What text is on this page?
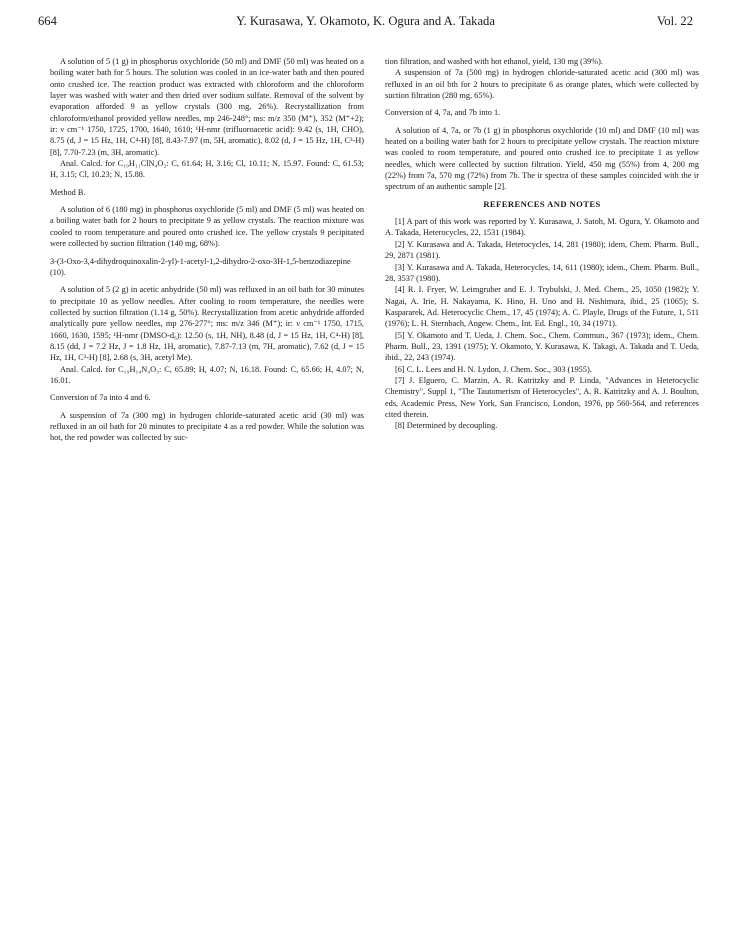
664	Y. Kurasawa, Y. Okamoto, K. Ogura and A. Takada	Vol. 22

A solution of 5 (1 g) in phosphorus oxychloride (50 ml) and DMF (50 ml) was heated on a boiling water bath for 5 hours. The solution was cooled in an ice-water bath and then poured onto crushed ice. The reaction product was extracted with chloroform and the chloroform layer was washed with water and then dried over sodium sulfate. Removal of the solvent by evaporation afforded 9 as yellow crystals (300 mg, 26%). Recrystallization from chloroform/ethanol provided yellow needles, mp 246-248°; ms: m/z 350 (M⁺), 352 (M⁺+2); ir: ν cm⁻¹ 1750, 1725, 1700, 1640, 1610; ¹H-nmr (trifluoroacetic acid): 9.42 (s, 1H, CHO), 8.75 (d, J = 15 Hz, 1H, C⁴-H) [8], 8.43-7.97 (m, 5H, aromatic), 8.02 (d, J = 15 Hz, 1H, C³-H) [8], 7.70-7.23 (m, 3H, aromatic).

Anal. Calcd. for C₁₉H₁₁ClN₄O₂: C, 61.64; H, 3.16; Cl, 10.11; N, 15.97. Found: C, 61.53; H, 3.15; Cl, 10.23; N, 15.88.

Method B.

A solution of 6 (180 mg) in phosphorus oxychloride (5 ml) and DMF (5 ml) was heated on a boiling water bath for 2 hours to precipitate 9 as yellow crystals. The reaction mixture was cooled to room temperature and poured onto crushed ice. The yellow crystals 9 pecipitated were collected by suction filtration (140 mg, 68%).

3-(3-Oxo-3,4-dihydroquinoxalin-2-yl)-1-acetyl-1,2-dihydro-2-oxo-3H-1,5-benzodiazepine (10).

A solution of 5 (2 g) in acetic anhydride (50 ml) was refluxed in an oil bath for 30 minutes to precipitate 10 as yellow needles. After cooling to room temperature, the needles were collected by suction filtration (1.14 g, 50%). Recrystallization from acetic anhydride afforded analytically pure yellow needles, mp 276-277°; ms: m/z 346 (M⁺); ir: ν cm⁻¹ 1750, 1715, 1660, 1630, 1595; ¹H-nmr (DMSO-d₆): 12.50 (s, 1H, NH), 8.48 (d, J = 15 Hz, 1H, C⁴-H) [8], 8.15 (dd, J = 7.2 Hz, J = 1.8 Hz, 1H, aromatic), 7.87-7.13 (m, 7H, aromatic), 7.62 (d, J = 15 Hz, 1H, C³-H) [8], 2.68 (s, 3H, acetyl Me).

Anal. Calcd. for C₁₉H₁₄N₄O₃: C, 65.89; H, 4.07; N, 16.18. Found: C, 65.66; H, 4.07; N, 16.01.

Conversion of 7a into 4 and 6.

A suspension of 7a (300 mg) in hydrogen chloride-saturated acetic acid (30 ml) was refluxed in an oil bath for 20 minutes to precipitate 4 as a red powder. While the solution was hot, the red powder was collected by suc-

tion filtration, and washed with hot ethanol, yield, 130 mg (39%).

A suspension of 7a (500 mg) in hydrogen chloride-saturated acetic acid (300 ml) was refluxed in an oil bth for 2 hours to precipitate 6 as orange plates, which were collected by suction filtration (280 mg, 65%).

Conversion of 4, 7a, and 7b into 1.

A solution of 4, 7a, or 7b (1 g) in phosphorus oxychloride (10 ml) and DMF (10 ml) was heated on a boiling water bath for 2 hours to precipitate yellow crystals. The reaction mixture was cooled to room temperature, and poured onto crushed ice to precipitate 1 as yellow needles, which were collected by suction filtration. Yield, 450 mg (55%) from 4, 200 mg (22%) from 7a, 570 mg (72%) from 7b. The ir spectra of these samples coincided with the ir spectrum of an authentic sample [2].

REFERENCES AND NOTES

[1] A part of this work was reported by Y. Kurasawa, J. Satoh, M. Ogura, Y. Okamoto and A. Takada, Heterocycles, 22, 1531 (1984).

[2] Y. Kurasawa and A. Takada, Heterocycles, 14, 281 (1980); idem, Chem. Pharm. Bull., 29, 2871 (1981).

[3] Y. Kurasawa and A. Takada, Heterocycles, 14, 611 (1980); idem., Chem. Pharm. Bull., 28, 3537 (1980).

[4] R. I. Fryer, W. Leimgruber and E. J. Trybulski, J. Med. Chem., 25, 1050 (1982); Y. Nagai, A. Irie, H. Nakayama, K. Hino, H. Uno and H. Nishimura, ibid., 25 (1065); S. Kaspararek, Ad. Heterocyclic Chem., 17, 45 (1974); A. C. Playle, Drugs of the Future, 1, 511 (1976); L. H. Sternbach, Angew. Chem., Int. Ed. Engl., 10, 34 (1971).

[5] Y. Okamoto and T. Ueda, J. Chem. Soc., Chem. Commun., 367 (1973); idem., Chem. Pharm. Bull., 23, 1391 (1975); Y. Okamoto, Y. Kurasawa, K. Takagi, A. Takada and T. Ueda, ibid., 22, 243 (1974).

[6] C. L. Lees and H. N. Lydon, J. Chem. Soc., 303 (1955).

[7] J. Elguero, C. Marzin, A. R. Katritzky and P. Linda, "Advances in Heterocyclic Chemistry", Suppl 1, "The Tautomerism of Heterocycles", A. R. Katritzky and A. J. Boulton, eds, Academic Press, New York, San Francisco, London, 1976, pp 560-564, and references cited therein.

[8] Determined by decoupling.
